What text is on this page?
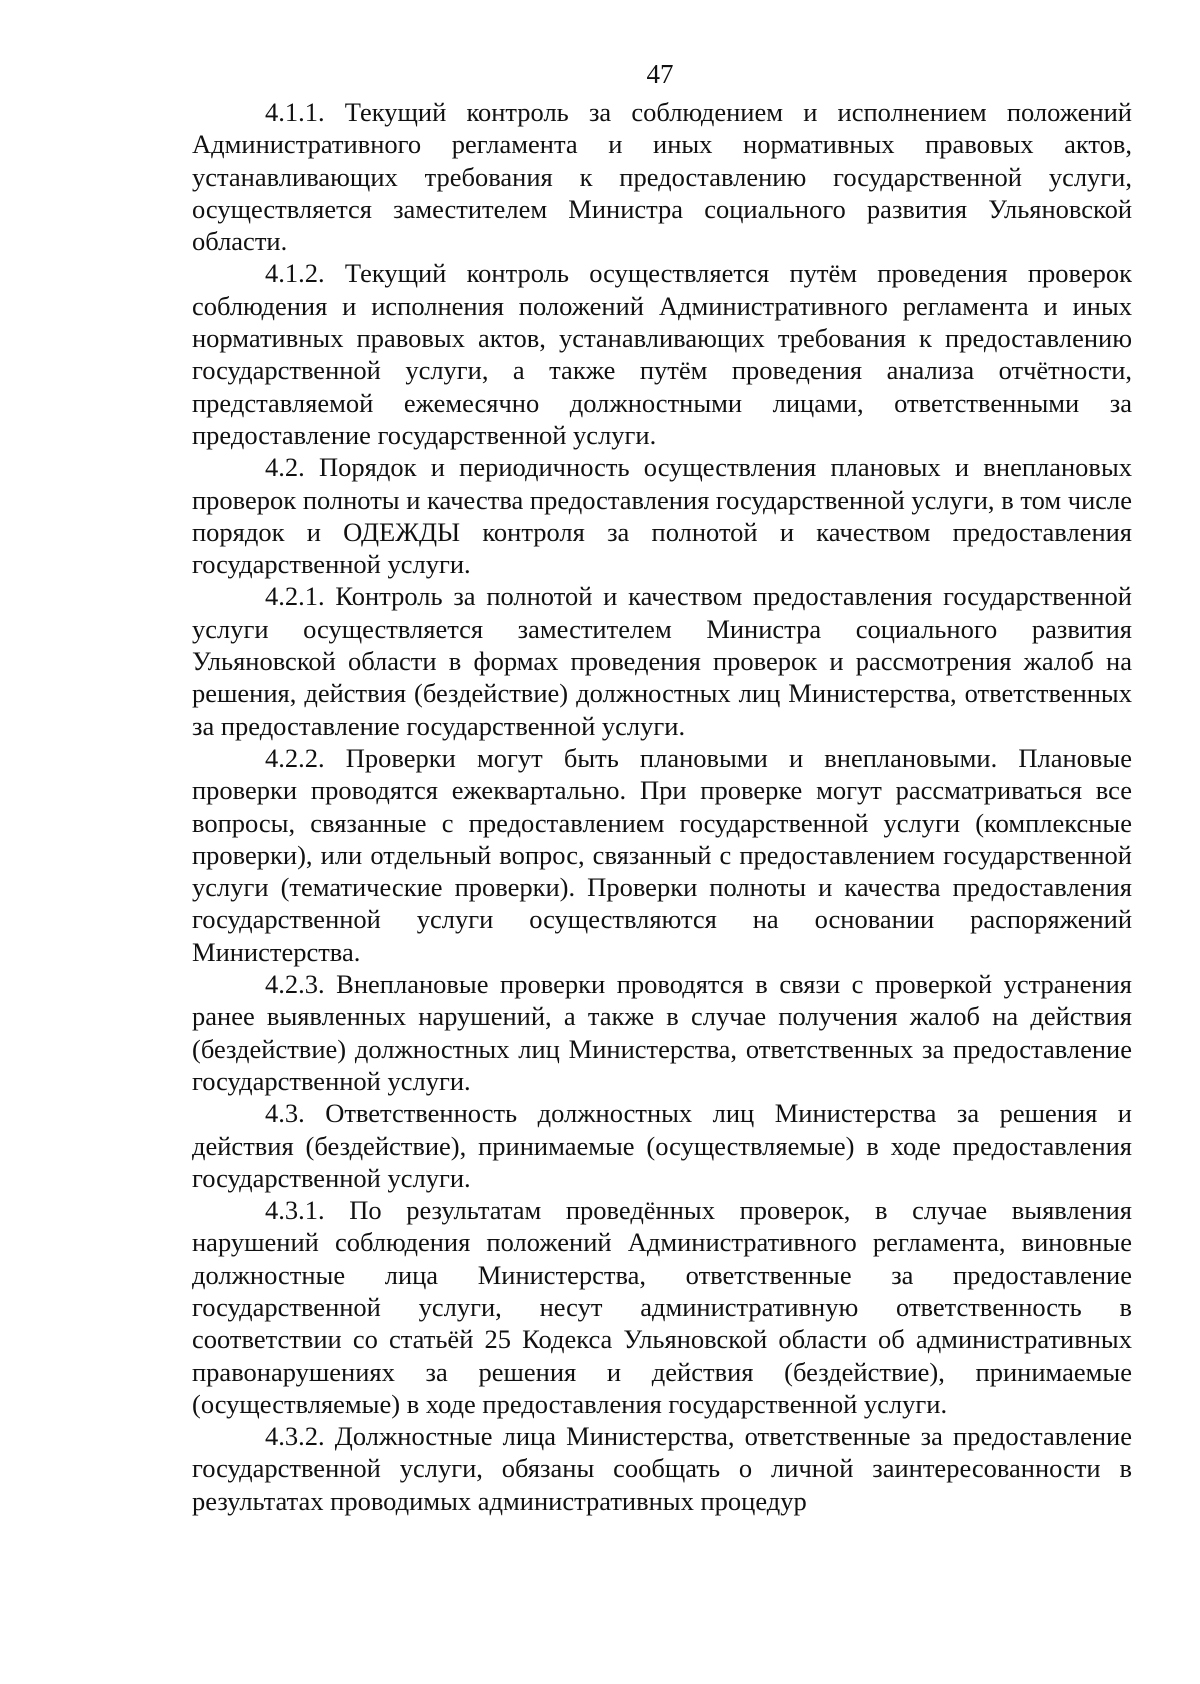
47

4.1.1. Текущий контроль за соблюдением и исполнением положений Административного регламента и иных нормативных правовых актов, устанавливающих требования к предоставлению государственной услуги, осуществляется заместителем Министра социального развития Ульяновской области.

4.1.2. Текущий контроль осуществляется путём проведения проверок соблюдения и исполнения положений Административного регламента и иных нормативных правовых актов, устанавливающих требования к предоставлению государственной услуги, а также путём проведения анализа отчётности, представляемой ежемесячно должностными лицами, ответственными за предоставление государственной услуги.

4.2. Порядок и периодичность осуществления плановых и внеплановых проверок полноты и качества предоставления государственной услуги, в том числе порядок и ОДЕЖДЫ контроля за полнотой и качеством предоставления государственной услуги.

4.2.1. Контроль за полнотой и качеством предоставления государственной услуги осуществляется заместителем Министра социального развития Ульяновской области в формах проведения проверок и рассмотрения жалоб на решения, действия (бездействие) должностных лиц Министерства, ответственных за предоставление государственной услуги.

4.2.2. Проверки могут быть плановыми и внеплановыми. Плановые проверки проводятся ежеквартально. При проверке могут рассматриваться все вопросы, связанные с предоставлением государственной услуги (комплексные проверки), или отдельный вопрос, связанный с предоставлением государственной услуги (тематические проверки). Проверки полноты и качества предоставления государственной услуги осуществляются на основании распоряжений Министерства.

4.2.3. Внеплановые проверки проводятся в связи с проверкой устранения ранее выявленных нарушений, а также в случае получения жалоб на действия (бездействие) должностных лиц Министерства, ответственных за предоставление государственной услуги.

4.3. Ответственность должностных лиц Министерства за решения и действия (бездействие), принимаемые (осуществляемые) в ходе предоставления государственной услуги.

4.3.1. По результатам проведённых проверок, в случае выявления нарушений соблюдения положений Административного регламента, виновные должностные лица Министерства, ответственные за предоставление государственной услуги, несут административную ответственность в соответствии со статьёй 25 Кодекса Ульяновской области об административных правонарушениях за решения и действия (бездействие), принимаемые (осуществляемые) в ходе предоставления государственной услуги.

4.3.2. Должностные лица Министерства, ответственные за предоставление государственной услуги, обязаны сообщать о личной заинтересованности в результатах проводимых административных процедур
